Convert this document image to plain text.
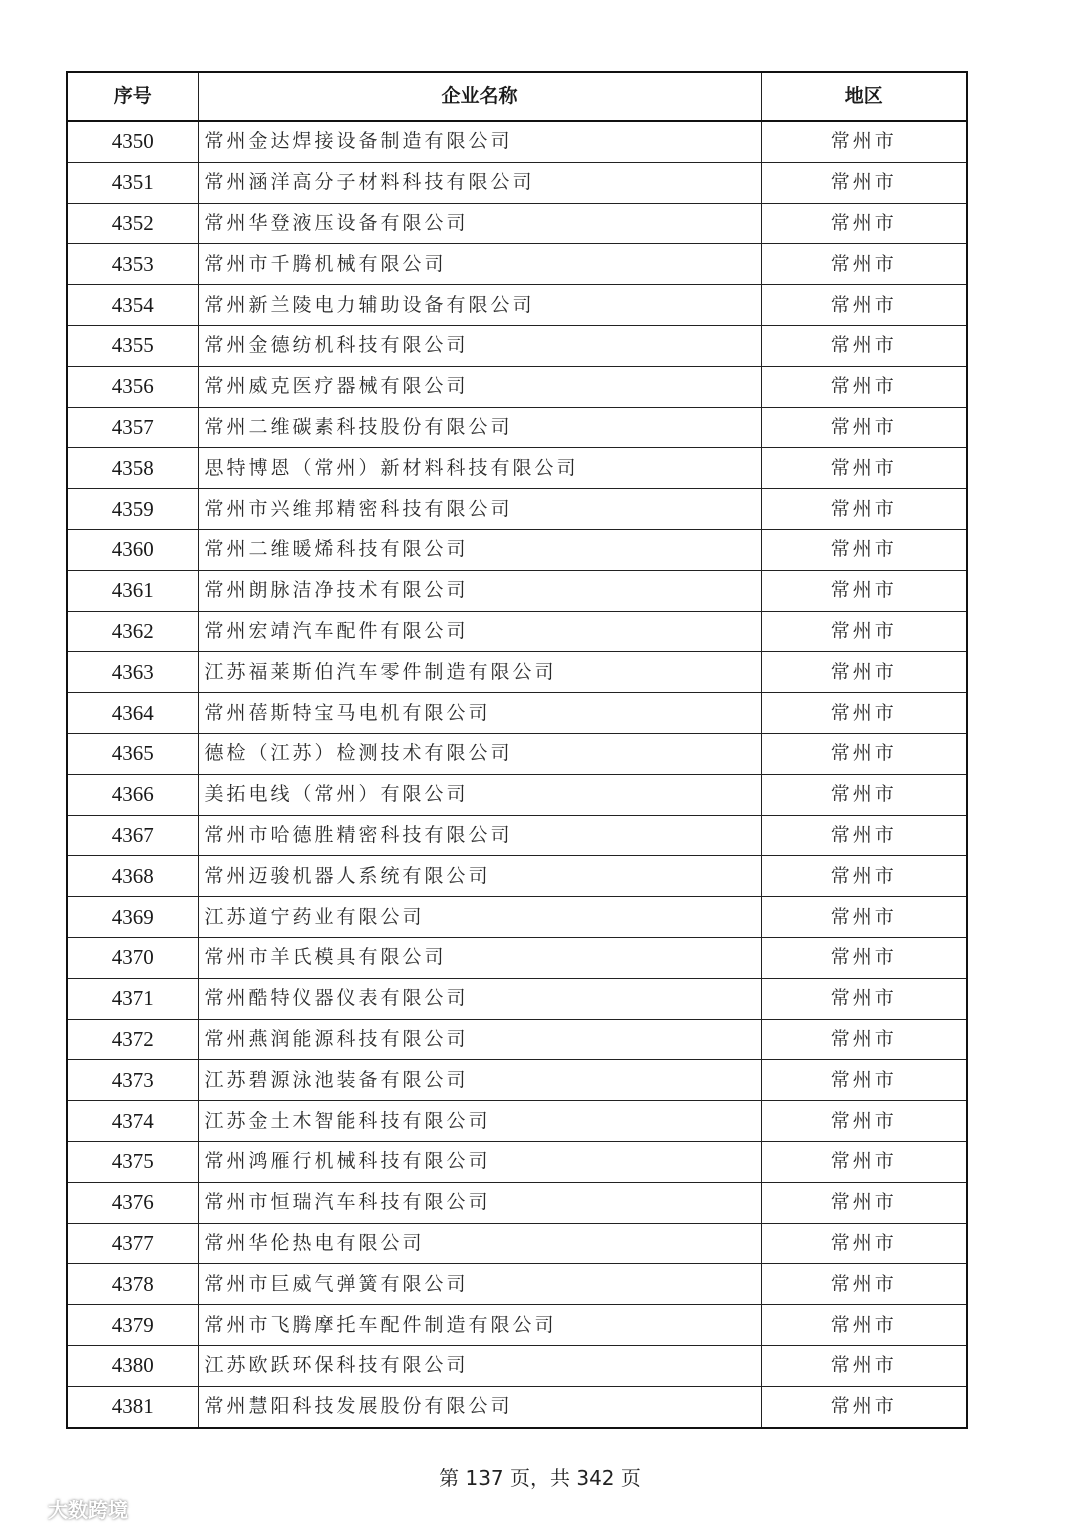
序号	企业名称	地区
4350	常州金达焊接设备制造有限公司	常州市
4351	常州涵洋高分子材料科技有限公司	常州市
4352	常州华登液压设备有限公司	常州市
4353	常州市千腾机械有限公司	常州市
4354	常州新兰陵电力辅助设备有限公司	常州市
4355	常州金德纺机科技有限公司	常州市
4356	常州威克医疗器械有限公司	常州市
4357	常州二维碳素科技股份有限公司	常州市
4358	思特博恩（常州）新材料科技有限公司	常州市
4359	常州市兴维邦精密科技有限公司	常州市
4360	常州二维暖烯科技有限公司	常州市
4361	常州朗脉洁净技术有限公司	常州市
4362	常州宏靖汽车配件有限公司	常州市
4363	江苏福莱斯伯汽车零件制造有限公司	常州市
4364	常州蓓斯特宝马电机有限公司	常州市
4365	德检（江苏）检测技术有限公司	常州市
4366	美拓电线（常州）有限公司	常州市
4367	常州市哈德胜精密科技有限公司	常州市
4368	常州迈骏机器人系统有限公司	常州市
4369	江苏道宁药业有限公司	常州市
4370	常州市羊氏模具有限公司	常州市
4371	常州酷特仪器仪表有限公司	常州市
4372	常州燕润能源科技有限公司	常州市
4373	江苏碧源泳池装备有限公司	常州市
4374	江苏金土木智能科技有限公司	常州市
4375	常州鸿雁行机械科技有限公司	常州市
4376	常州市恒瑞汽车科技有限公司	常州市
4377	常州华伦热电有限公司	常州市
4378	常州市巨威气弹簧有限公司	常州市
4379	常州市飞腾摩托车配件制造有限公司	常州市
4380	江苏欧跃环保科技有限公司	常州市
4381	常州慧阳科技发展股份有限公司	常州市
第 137 页，共 342 页
大数跨境
